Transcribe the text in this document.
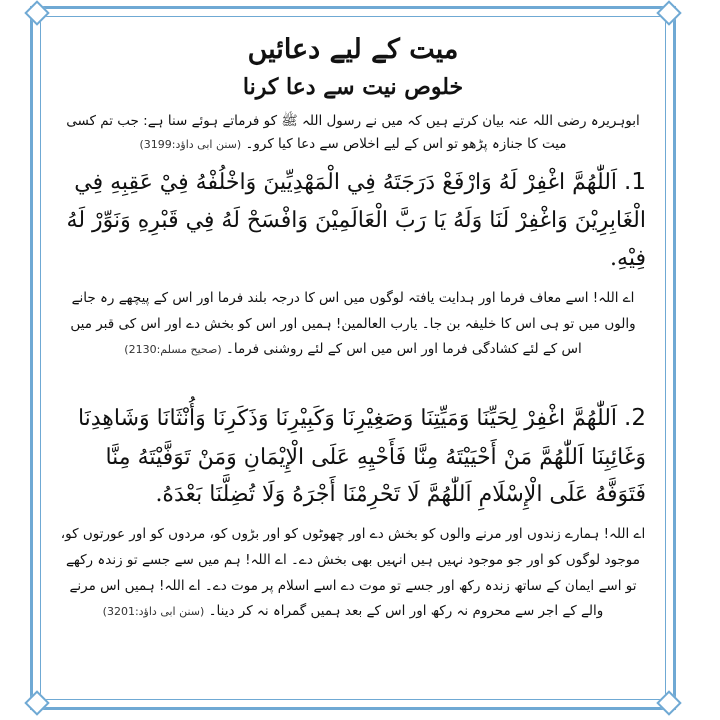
میت کے لیے دعائیں
خلوص نیت سے دعا کرنا

ابوہریرہ رضی اللہ عنہ بیان کرتے ہیں کہ میں نے رسول اللہ ﷺ کو فرماتے ہوئے سنا ہے: جب تم کسی میت کا جنازہ پڑھو تو اس کے لیے اخلاص سے دعا کیا کرو۔ (سنن ابی داؤد:3199)

1. اَللّٰهُمَّ اغْفِرْ لَهُ وَارْفَعْ دَرَجَتَهُ فِي الْمَهْدِيِّينَ وَاخْلُفْهُ فِيْ عَقِبِهِ فِي الْغَابِرِيْنَ وَاغْفِرْ لَنَا وَلَهُ يَا رَبَّ الْعَالَمِيْنَ وَافْسَحْ لَهُ فِي قَبْرِهِ وَنَوِّرْ لَهُ فِيْهِ.

اے اللہ! اسے معاف فرما اور ہدایت یافتہ لوگوں میں اس کا درجہ بلند فرما اور اس کے پیچھے رہ جانے والوں میں تو ہی اس کا خلیفہ بن جا۔ یارب العالمین! ہمیں اور اس کو بخش دے اور اس کی قبر میں اس کے لئے کشادگی فرما اور اس میں اس کے لئے روشنی فرما۔ (صحیح مسلم:2130)

2. اَللّٰهُمَّ اغْفِرْ لِحَيِّنَا وَمَيِّتِنَا وَصَغِيْرِنَا وَكَبِيْرِنَا وَذَكَرِنَا وَأُنْثَانَا وَشَاهِدِنَا وَغَائِبِنَا اَللّٰهُمَّ مَنْ أَحْيَيْتَهُ مِنَّا فَأَحْيِهِ عَلَى الْإِيْمَانِ وَمَنْ تَوَفَّيْتَهُ مِنَّا فَتَوَفَّهُ عَلَى الْإِسْلَامِ اَللّٰهُمَّ لَا تَحْرِمْنَا أَجْرَهُ وَلَا تُضِلَّنَا بَعْدَهُ.

اے اللہ! ہمارے زندوں اور مرنے والوں کو بخش دے اور چھوٹوں کو اور بڑوں کو، مردوں کو اور عورتوں کو، موجود لوگوں کو اور جو موجود نہیں ہیں انہیں بھی بخش دے۔ اے اللہ! ہم میں سے جسے تو زندہ رکھے تو اسے ایمان کے ساتھ زندہ رکھ اور جسے تو موت دے اسے اسلام پر موت دے۔ اے اللہ! ہمیں اس مرنے والے کے اجر سے محروم نہ رکھ اور اس کے بعد ہمیں گمراہ نہ کر دینا۔ (سنن ابی داؤد:3201)
